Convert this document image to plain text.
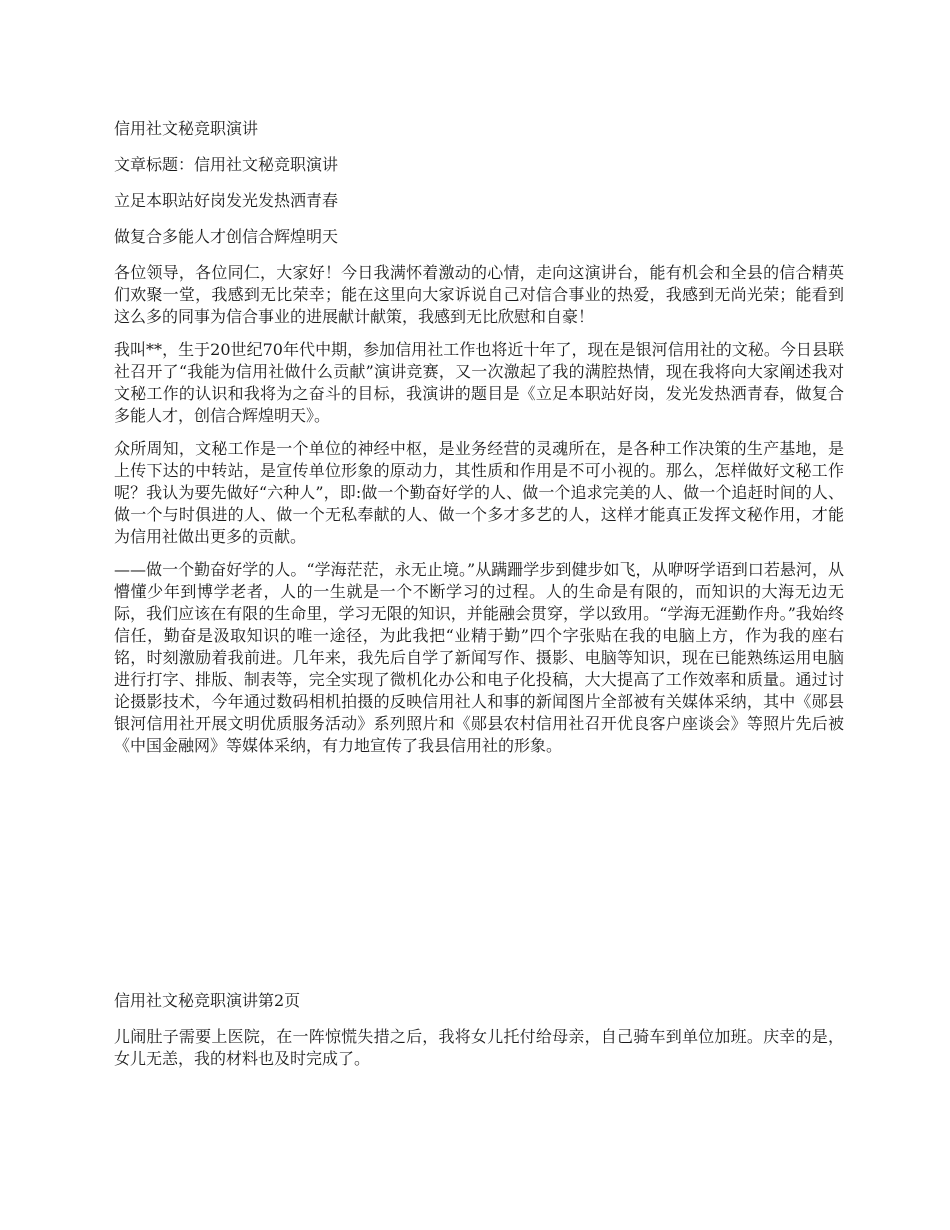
信用社文秘竞职演讲
文章标题：信用社文秘竞职演讲
立足本职站好岗发光发热洒青春
做复合多能人才创信合辉煌明天

各位领导，各位同仁，大家好！今日我满怀着激动的心情，走向这演讲台，能有机会和全县的信合精英们欢聚一堂，我感到无比荣幸；能在这里向大家诉说自己对信合事业的热爱，我感到无尚光荣；能看到这么多的同事为信合事业的进展献计献策，我感到无比欣慰和自豪！

我叫**，生于20世纪70年代中期，参加信用社工作也将近十年了，现在是银河信用社的文秘。今日县联社召开了“我能为信用社做什么贡献”演讲竞赛，又一次激起了我的满腔热情，现在我将向大家阐述我对文秘工作的认识和我将为之奋斗的目标，我演讲的题目是《立足本职站好岗，发光发热洒青春，做复合多能人才，创信合辉煌明天》。

众所周知，文秘工作是一个单位的神经中枢，是业务经营的灵魂所在，是各种工作决策的生产基地，是上传下达的中转站，是宣传单位形象的原动力，其性质和作用是不可小视的。那么，怎样做好文秘工作呢？我认为要先做好“六种人”，即:做一个勤奋好学的人、做一个追求完美的人、做一个追赶时间的人、做一个与时俱进的人、做一个无私奉献的人、做一个多才多艺的人，这样才能真正发挥文秘作用，才能为信用社做出更多的贡献。

——做一个勤奋好学的人。“学海茫茫，永无止境。”从蹒跚学步到健步如飞，从咿呀学语到口若悬河，从懵懂少年到博学老者，人的一生就是一个不断学习的过程。人的生命是有限的，而知识的大海无边无际，我们应该在有限的生命里，学习无限的知识，并能融会贯穿，学以致用。“学海无涯勤作舟。”我始终信任，勤奋是汲取知识的唯一途径，为此我把“业精于勤”四个字张贴在我的电脑上方，作为我的座右铭，时刻激励着我前进。几年来，我先后自学了新闻写作、摄影、电脑等知识，现在已能熟练运用电脑进行打字、排版、制表等，完全实现了微机化办公和电子化投稿，大大提高了工作效率和质量。通过讨论摄影技术，今年通过数码相机拍摄的反映信用社人和事的新闻图片全部被有关媒体采纳，其中《郧县银河信用社开展文明优质服务活动》系列照片和《郧县农村信用社召开优良客户座谈会》等照片先后被《中国金融网》等媒体采纳，有力地宣传了我县信用社的形象。

信用社文秘竞职演讲第2页

儿闹肚子需要上医院，在一阵惊慌失措之后，我将女儿托付给母亲，自己骑车到单位加班。庆幸的是，女儿无恙，我的材料也及时完成了。
